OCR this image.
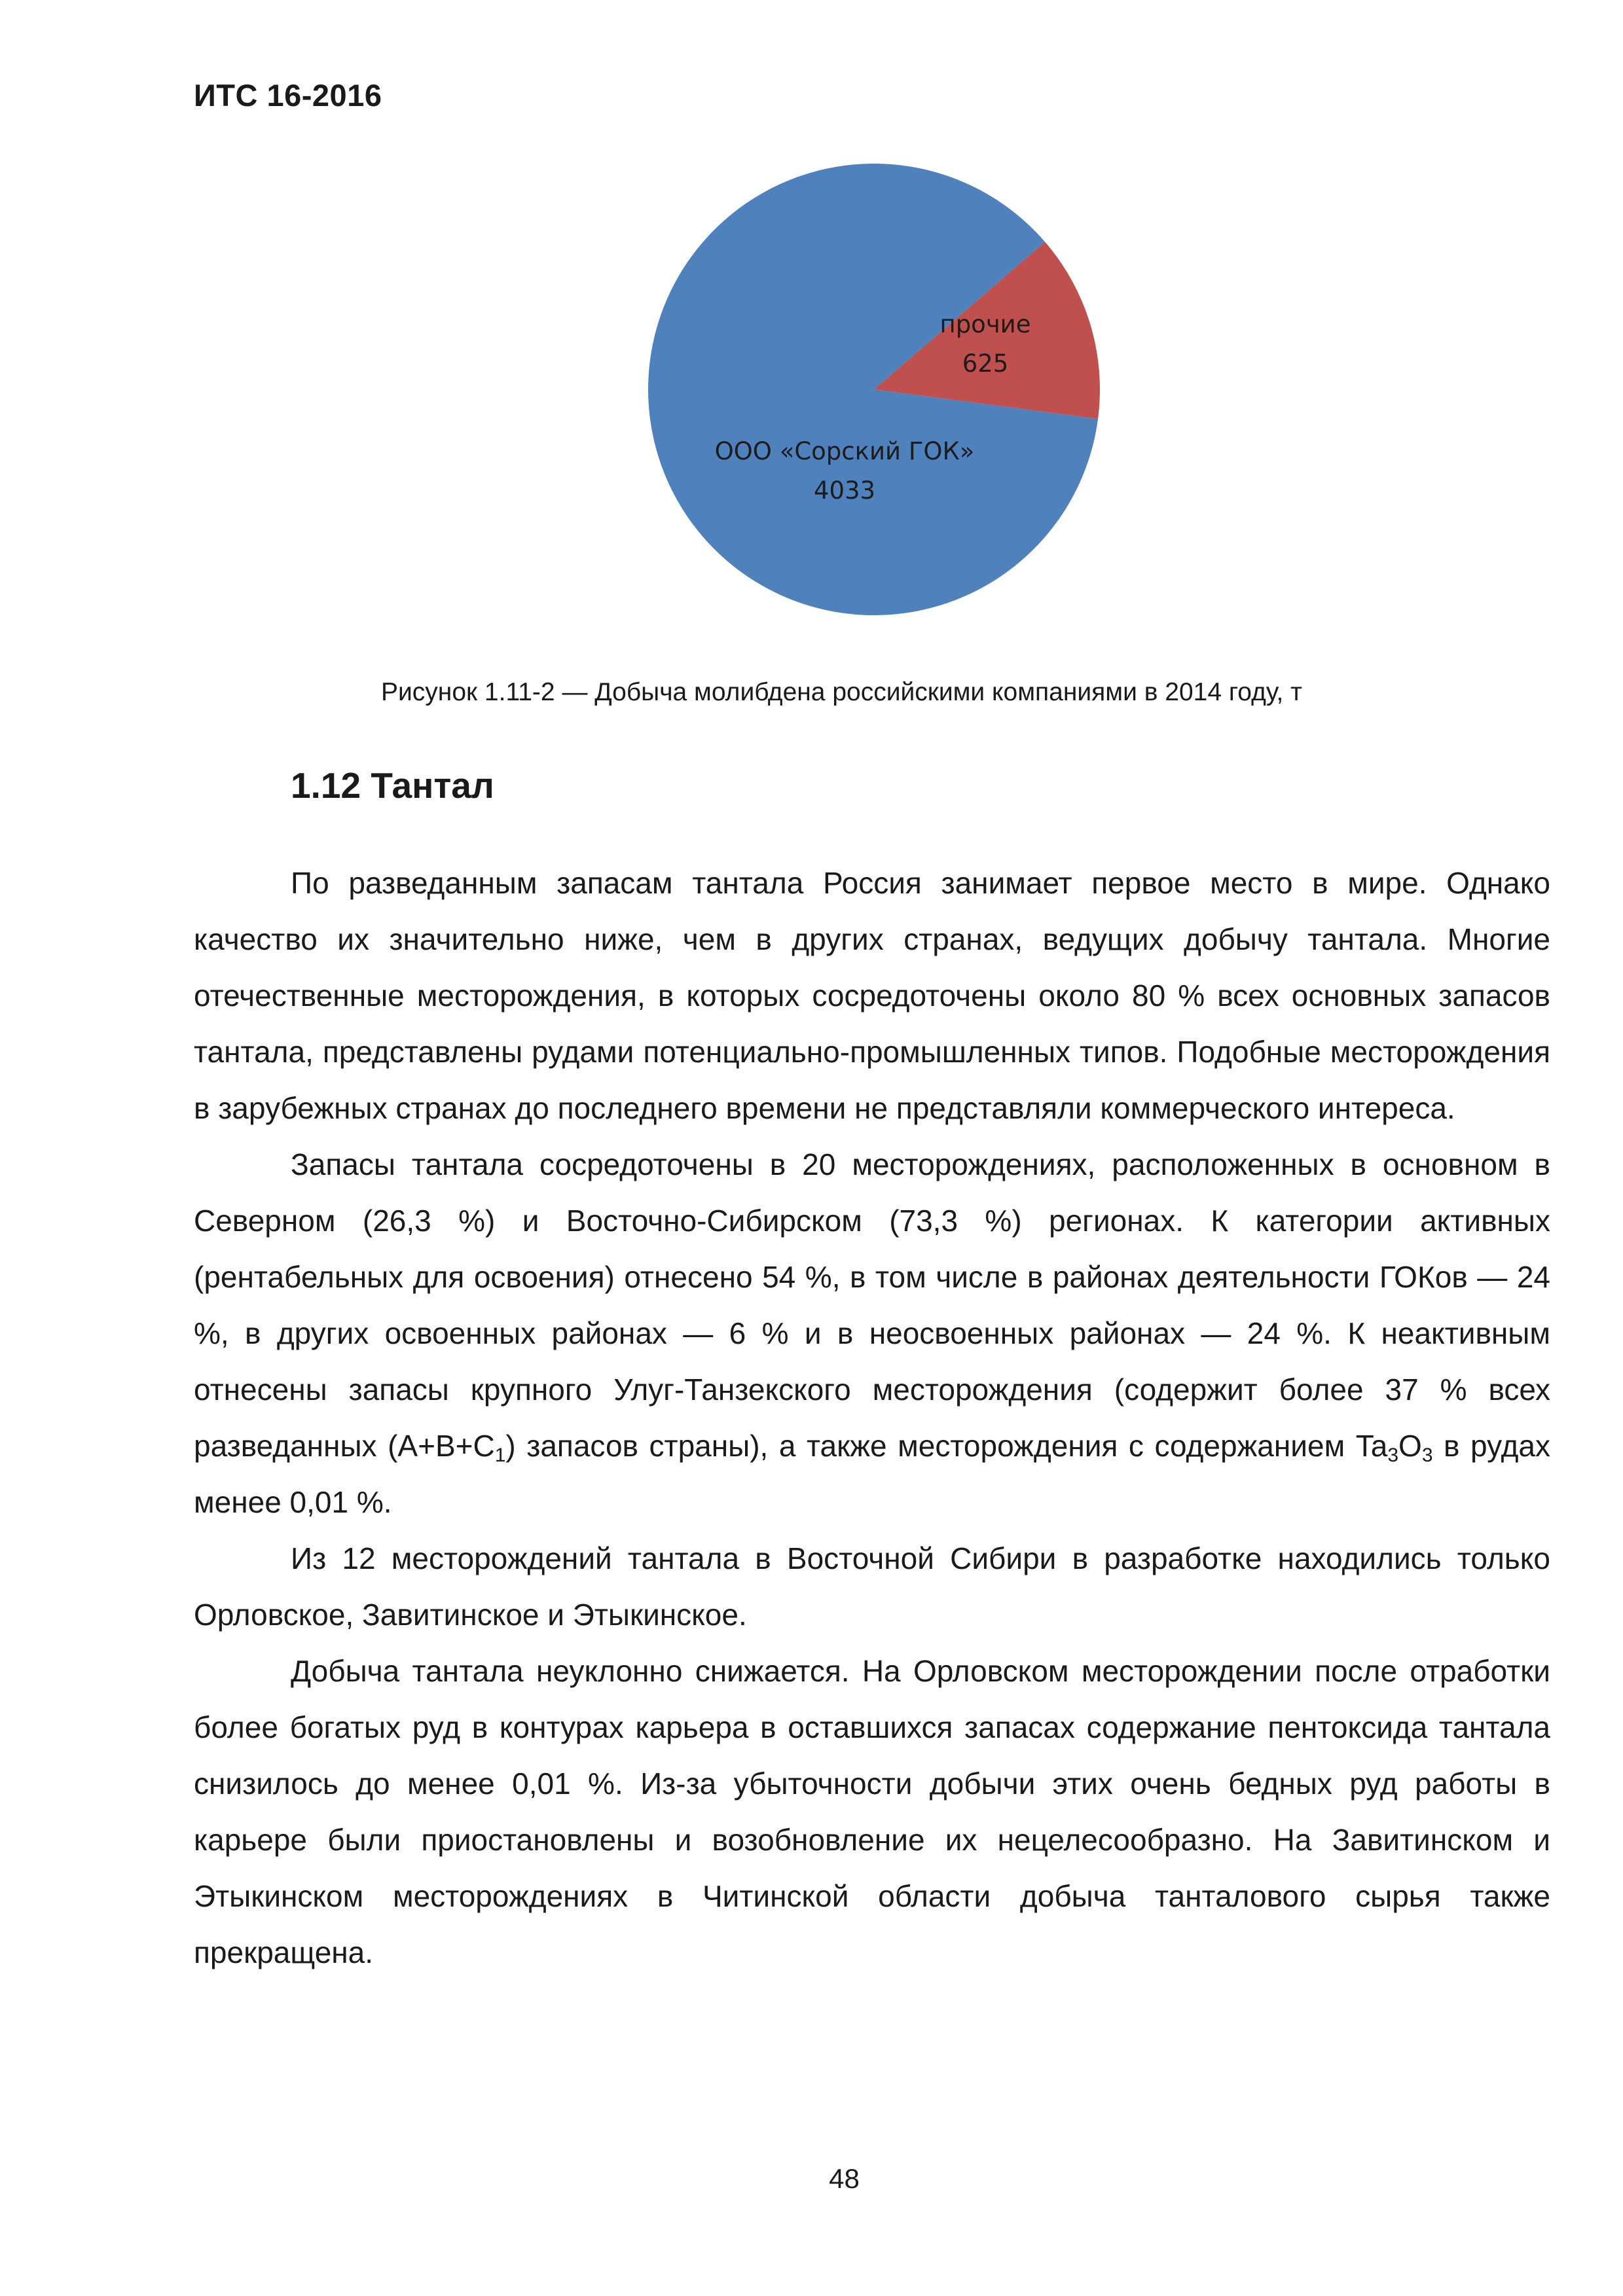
ИТС 16-2016
ООО «Сорский ГОК»
4033
прочие
625
Рисунок 1.11-2 — Добыча молибдена российскими компаниями в 2014 году, т
1.12 Тантал

По разведанным запасам тантала Россия занимает первое место в мире. Однако качество их значительно ниже, чем в других странах, ведущих добычу тантала. Многие отечественные месторождения, в которых сосредоточены около 80 % всех основных запасов тантала, представлены рудами потенциально-промышленных типов. Подобные месторождения в зарубежных странах до последнего времени не представляли коммерческого интереса.

Запасы тантала сосредоточены в 20 месторождениях, расположенных в основном в Северном (26,3 %) и Восточно-Сибирском (73,3 %) регионах. К категории активных (рентабельных для освоения) отнесено 54 %, в том числе в районах деятельности ГОКов — 24 %, в других освоенных районах — 6 % и в неосвоенных районах — 24 %. К неактивным отнесены запасы крупного Улуг-Танзекского месторождения (содержит более 37 % всех разведанных $(А+В+С_1)$ запасов страны), а также месторождения с содержанием $Ta_3O_3$ в рудах менее 0,01 %.

Из 12 месторождений тантала в Восточной Сибири в разработке находились только Орловское, Завитинское и Этыкинское.

Добыча тантала неуклонно снижается. На Орловском месторождении после отработки более богатых руд в контурах карьера в оставшихся запасах содержание пентоксида тантала снизилось до менее 0,01 %. Из-за убыточности добычи этих очень бедных руд работы в карьере были приостановлены и возобновление их нецелесообразно. На Завитинском и Этыкинском месторождениях в Читинской области добыча танталового сырья также прекращена.

48
